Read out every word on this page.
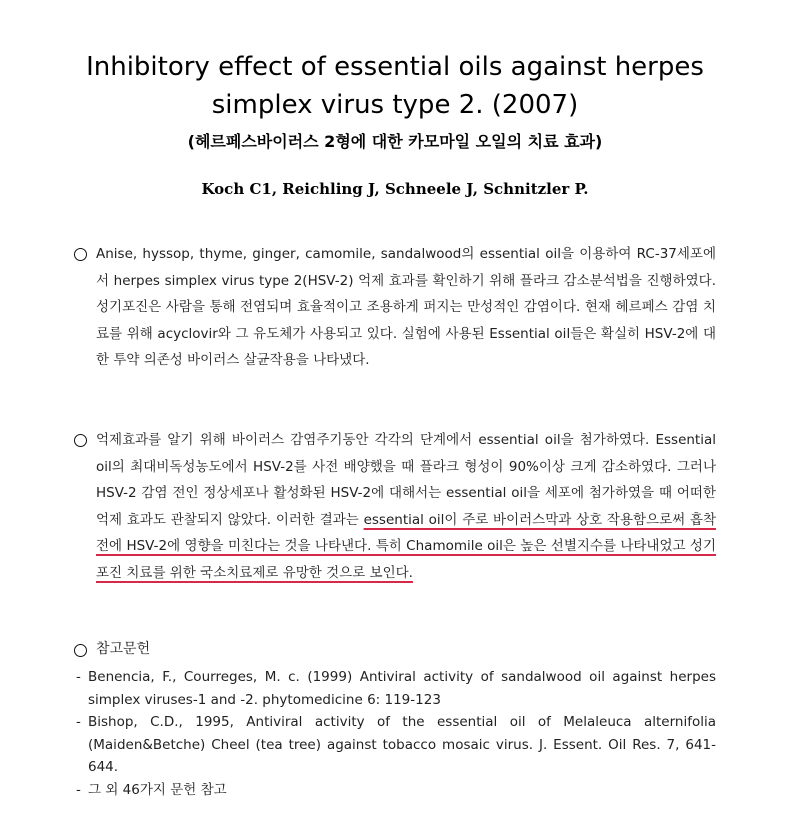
Inhibitory effect of essential oils against herpes
simplex virus type 2. (2007)
(헤르페스바이러스 2형에 대한 카모마일 오일의 치료 효과)
Koch C1, Reichling J, Schneele J, Schnitzler P.
Anise, hyssop, thyme, ginger, camomile, sandalwood의 essential oil을 이용하여 RC-37세포에서 herpes simplex virus type 2(HSV-2) 억제 효과를 확인하기 위해 플라크 감소분석법을 진행하였다. 성기포진은 사람을 통해 전염되며 효율적이고 조용하게 퍼지는 만성적인 감염이다. 현재 헤르페스 감염 치료를 위해 acyclovir와 그 유도체가 사용되고 있다. 실험에 사용된 Essential oil들은 확실히 HSV-2에 대한 투약 의존성 바이러스 살균작용을 나타냈다.
억제효과를 알기 위해 바이러스 감염주기동안 각각의 단계에서 essential oil을 첨가하였다. Essential oil의 최대비독성농도에서 HSV-2를 사전 배양했을 때 플라크 형성이 90%이상 크게 감소하였다. 그러나 HSV-2 감염 전인 정상세포나 활성화된 HSV-2에 대해서는 essential oil을 세포에 첨가하였을 때 어떠한 억제 효과도 관찰되지 않았다. 이러한 결과는 essential oil이 주로 바이러스막과 상호 작용함으로써 흡착 전에 HSV-2에 영향을 미친다는 것을 나타낸다. 특히 Chamomile oil은 높은 선별지수를 나타내었고 성기포진 치료를 위한 국소치료제로 유망한 것으로 보인다.
참고문헌
- Benencia, F., Courreges, M. c. (1999) Antiviral activity of sandalwood oil against herpes simplex viruses-1 and -2. phytomedicine 6: 119-123
- Bishop, C.D., 1995, Antiviral activity of the essential oil of Melaleuca alternifolia (Maiden&Betche) Cheel (tea tree) against tobacco mosaic virus. J. Essent. Oil Res. 7, 641-644.
- 그 외 46가지 문헌 참고
